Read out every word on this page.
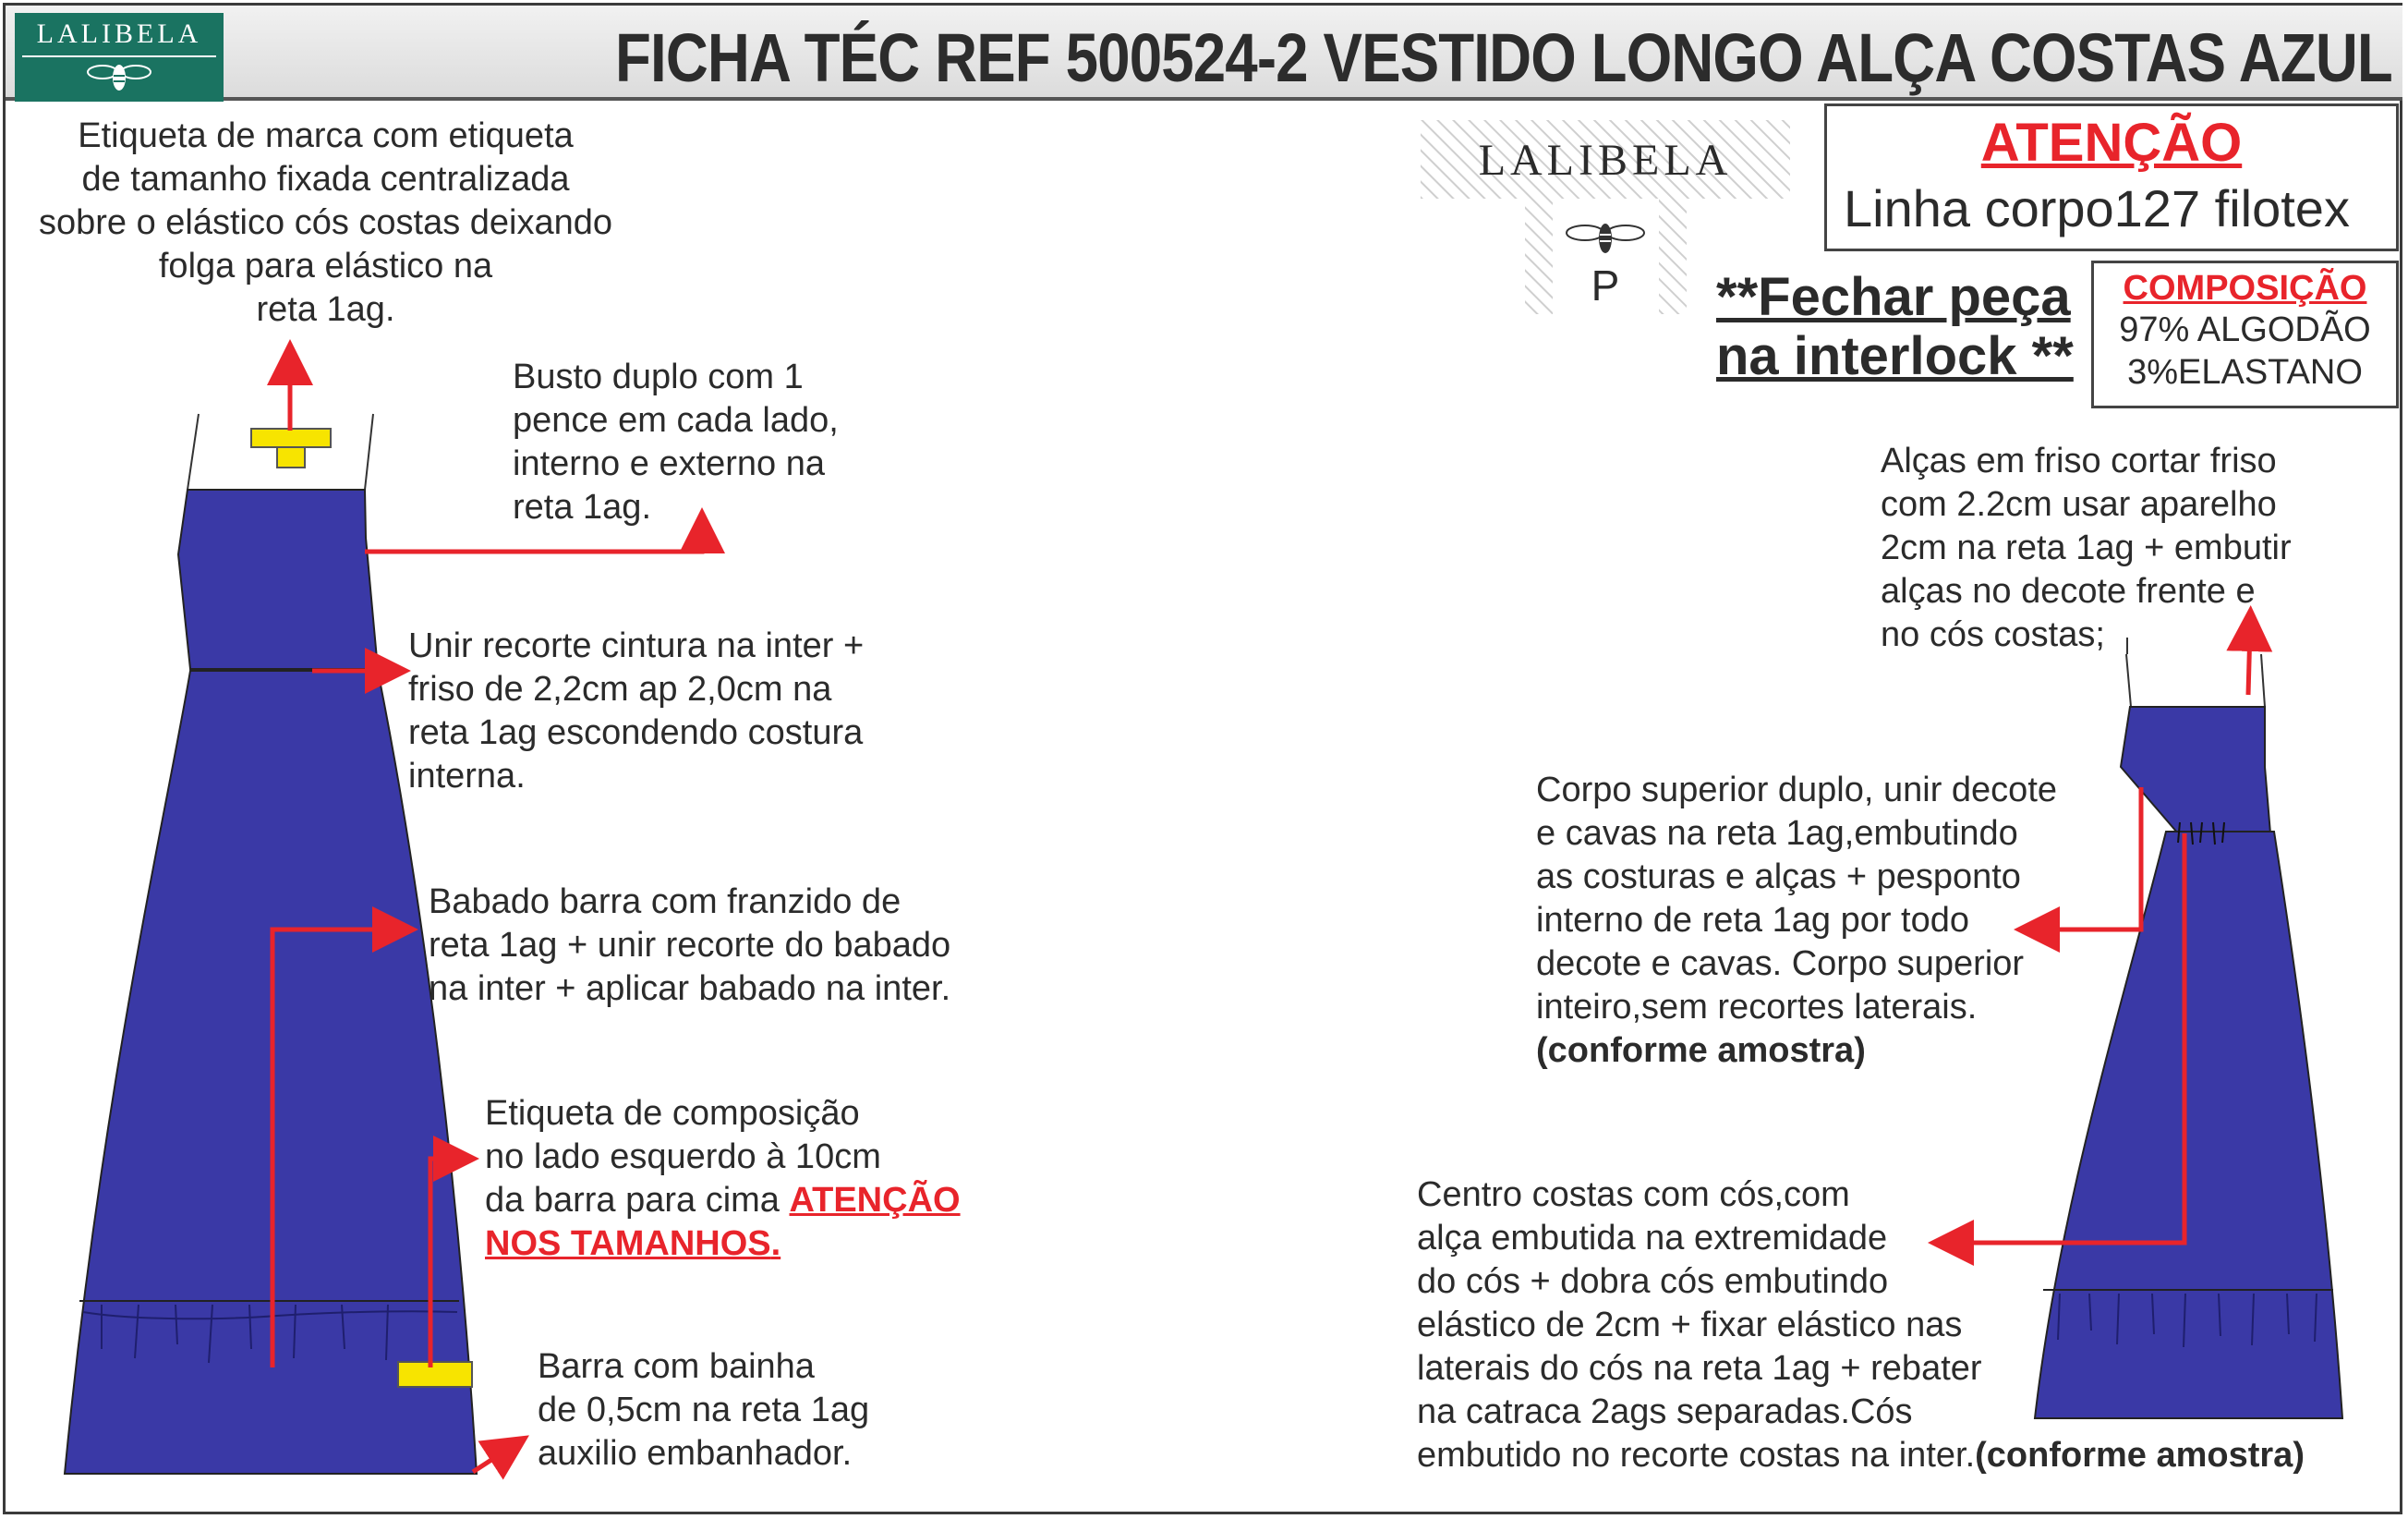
LALIBELA	FICHA TÉC REF 500524-2 VESTIDO LONGO ALÇA COSTAS AZUL
LALIBELA
P
ATENÇÃO
Linha corpo127 filotex
**Fechar peça
na interlock **
COMPOSIÇÃO
97% ALGODÃO
3%ELASTANO
Etiqueta de marca com etiqueta
de tamanho fixada centralizada
sobre o elástico cós costas deixando
folga para elástico na
reta 1ag.
Busto duplo com 1
pence em cada lado,
interno e externo na
reta 1ag.
Unir recorte cintura na inter +
friso de 2,2cm ap 2,0cm na
reta 1ag escondendo costura
interna.
Babado barra com franzido de
reta 1ag + unir recorte do babado
na inter + aplicar babado na inter.
Etiqueta de composição
no lado esquerdo à 10cm
da barra para cima ATENÇÃO
NOS TAMANHOS.
Barra com bainha
de 0,5cm na reta 1ag
auxilio embanhador.
Alças em friso cortar friso
com 2.2cm usar aparelho
2cm na reta 1ag + embutir
alças no decote frente e
no cós costas;
Corpo superior duplo, unir decote
e cavas na reta 1ag,embutindo
as costuras e alças + pesponto
interno de reta 1ag por todo
decote e cavas. Corpo superior
inteiro,sem recortes laterais.
(conforme amostra)
Centro costas com cós,com
alça embutida na extremidade
do cós + dobra cós embutindo
elástico de 2cm + fixar elástico nas
laterais do cós na reta 1ag + rebater
na catraca 2ags separadas.Cós
embutido no recorte costas na inter.(conforme amostra)
